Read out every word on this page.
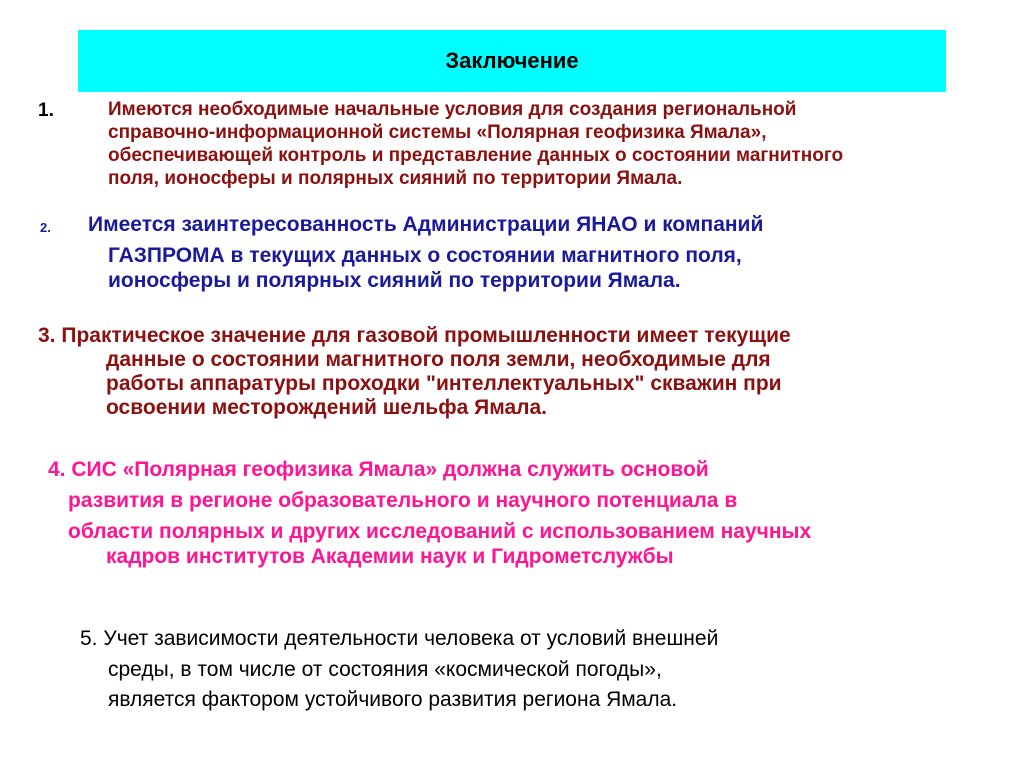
Заключение
1.	Имеются необходимые начальные условия для создания региональной
справочно-информационной системы «Полярная геофизика Ямала»,
обеспечивающей контроль и представление данных о состоянии магнитного
поля, ионосферы и полярных сияний по территории Ямала.
2. Имеется заинтересованность Администрации ЯНАО и компаний
ГАЗПРОМА в текущих данных о состоянии магнитного поля,
ионосферы и полярных сияний по территории Ямала.
3. Практическое значение для газовой промышленности имеет текущие
данные о состоянии магнитного поля земли, необходимые для
работы аппаратуры проходки "интеллектуальных" скважин при
освоении месторождений шельфа Ямала.
4. СИС «Полярная геофизика Ямала» должна служить основой
развития в регионе образовательного и научного потенциала в
области полярных и других исследований с использованием научных
кадров институтов Академии наук и Гидрометслужбы
5. Учет зависимости деятельности человека от условий внешней
среды, в том числе от состояния «космической погоды»,
является фактором устойчивого развития региона Ямала.
